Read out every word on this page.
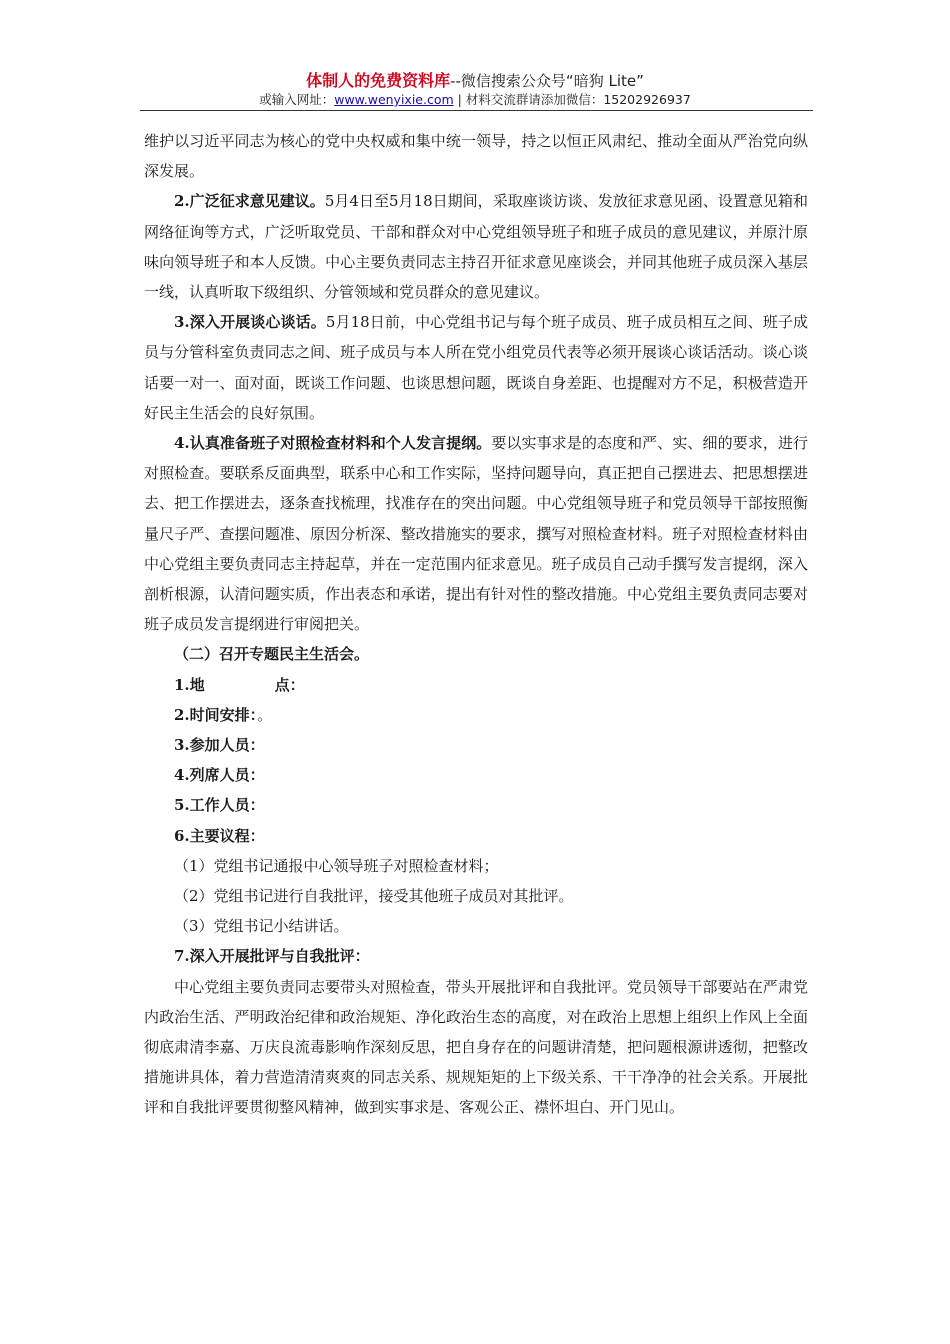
体制人的免费资料库--微信搜索公众号“暗狗 Lite”
或输入网址：www.wenyixie.com | 材料交流群请添加微信：15202926937

维护以习近平同志为核心的党中央权威和集中统一领导，持之以恒正风肃纪、推动全面从严治党向纵深发展。

2.广泛征求意见建议。5月4日至5月18日期间，采取座谈访谈、发放征求意见函、设置意见箱和网络征询等方式，广泛听取党员、干部和群众对中心党组领导班子和班子成员的意见建议，并原汁原味向领导班子和本人反馈。中心主要负责同志主持召开征求意见座谈会，并同其他班子成员深入基层一线，认真听取下级组织、分管领域和党员群众的意见建议。

3.深入开展谈心谈话。5月18日前，中心党组书记与每个班子成员、班子成员相互之间、班子成员与分管科室负责同志之间、班子成员与本人所在党小组党员代表等必须开展谈心谈话活动。谈心谈话要一对一、面对面，既谈工作问题、也谈思想问题，既谈自身差距、也提醒对方不足，积极营造开好民主生活会的良好氛围。

4.认真准备班子对照检查材料和个人发言提纲。要以实事求是的态度和严、实、细的要求，进行对照检查。要联系反面典型，联系中心和工作实际，坚持问题导向，真正把自己摆进去、把思想摆进去、把工作摆进去，逐条查找梳理，找准存在的突出问题。中心党组领导班子和党员领导干部按照衡量尺子严、查摆问题准、原因分析深、整改措施实的要求，撰写对照检查材料。班子对照检查材料由中心党组主要负责同志主持起草，并在一定范围内征求意见。班子成员自己动手撰写发言提纲，深入剖析根源，认清问题实质，作出表态和承诺，提出有针对性的整改措施。中心党组主要负责同志要对班子成员发言提纲进行审阅把关。

（二）召开专题民主生活会。
1.地	点：
2.时间安排：。
3.参加人员：
4.列席人员：
5.工作人员：
6.主要议程：
（1）党组书记通报中心领导班子对照检查材料；
（2）党组书记进行自我批评，接受其他班子成员对其批评。
（3）党组书记小结讲话。
7.深入开展批评与自我批评：

中心党组主要负责同志要带头对照检查，带头开展批评和自我批评。党员领导干部要站在严肃党内政治生活、严明政治纪律和政治规矩、净化政治生态的高度，对在政治上思想上组织上作风上全面彻底肃清李嘉、万庆良流毒影响作深刻反思，把自身存在的问题讲清楚，把问题根源讲透彻，把整改措施讲具体，着力营造清清爽爽的同志关系、规规矩矩的上下级关系、干干净净的社会关系。开展批评和自我批评要贯彻整风精神，做到实事求是、客观公正、襟怀坦白、开门见山。
